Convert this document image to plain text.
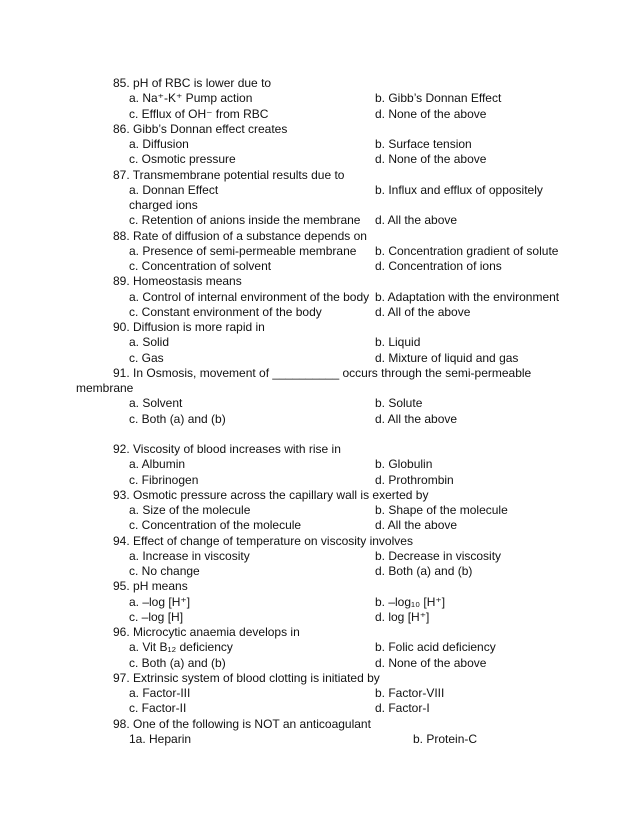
85. pH of RBC is lower due to
a. Na⁺-K⁺ Pump action	b. Gibb’s Donnan Effect
c. Efflux of OH⁻ from RBC	d. None of the above
86. Gibb’s Donnan effect creates
a. Diffusion	b. Surface tension
c. Osmotic pressure	d. None of the above
87. Transmembrane potential results due to
a. Donnan Effect	b. Influx and efflux of oppositely
charged ions
c. Retention of anions inside the membrane d. All the above
88. Rate of diffusion of a substance depends on
a. Presence of semi-permeable membrane b. Concentration gradient of solute
c. Concentration of solvent	d. Concentration of ions
89. Homeostasis means
a. Control of internal environment of the body b. Adaptation with the environment
c. Constant environment of the body	d. All of the above
90. Diffusion is more rapid in
a. Solid	b. Liquid
c. Gas	d. Mixture of liquid and gas
91. In Osmosis, movement of __________ occurs through the semi-permeable
membrane
a. Solvent	b. Solute
c. Both (a) and (b)	d. All the above
92. Viscosity of blood increases with rise in
a. Albumin	b. Globulin
c. Fibrinogen	d. Prothrombin
93. Osmotic pressure across the capillary wall is exerted by
a. Size of the molecule	b. Shape of the molecule
c. Concentration of the molecule	d. All the above
94. Effect of change of temperature on viscosity involves
a. Increase in viscosity	b. Decrease in viscosity
c. No change	d. Both (a) and (b)
95. pH means
a. –log [H⁺]	b. –log₁₀ [H⁺]
c. –log [H]	d. log [H⁺]
96. Microcytic anaemia develops in
a. Vit B₁₂ deficiency	b. Folic acid deficiency
c. Both (a) and (b)	d. None of the above
97. Extrinsic system of blood clotting is initiated by
a. Factor-III	b. Factor-VIII
c. Factor-II	d. Factor-I
98. One of the following is NOT an anticoagulant
1a. Heparin	b. Protein-C
